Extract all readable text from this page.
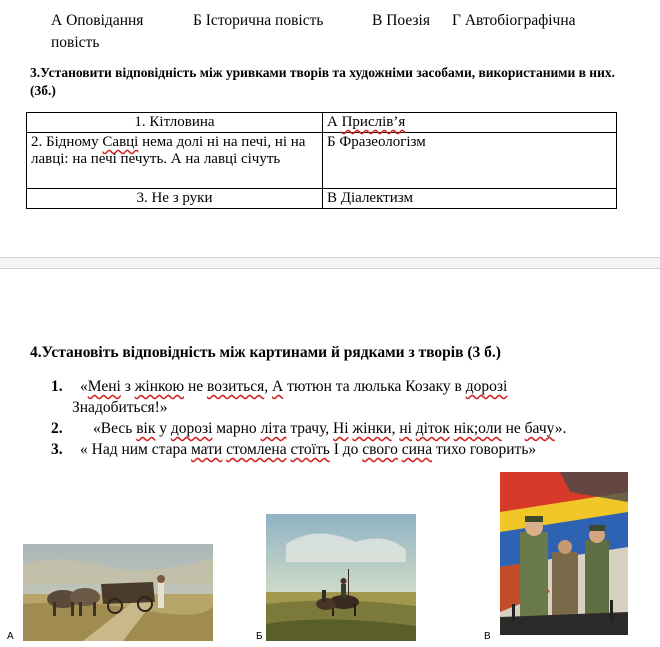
А Оповідання	Б Історична повість	В Поезія Г Автобіографічна
повість
3.Установити відповідність між уривками творів та художніми засобами, використаними в них. (3б.)
1. Кітловина	А Прислів’я
2. Бідному Савці нема долі ні на печі, ні на лавці: на печі печуть. А на лавці січуть	Б Фразеологізм
3. Не з руки	В Діалектизм
4.Установіть відповідність між картинами й рядками з творів (3 б.)
1. «Мені з жінкою не возиться, А тютюн та люлька Козаку в дорозі
Знадобиться!»
2. «Весь вік у дорозі марно літа трачу, Ні жінки, ні діток нік;оли не бачу».
3. « Над ним стара мати стомлена стоїть І до свого сина тихо говорить»
А	Б	В
